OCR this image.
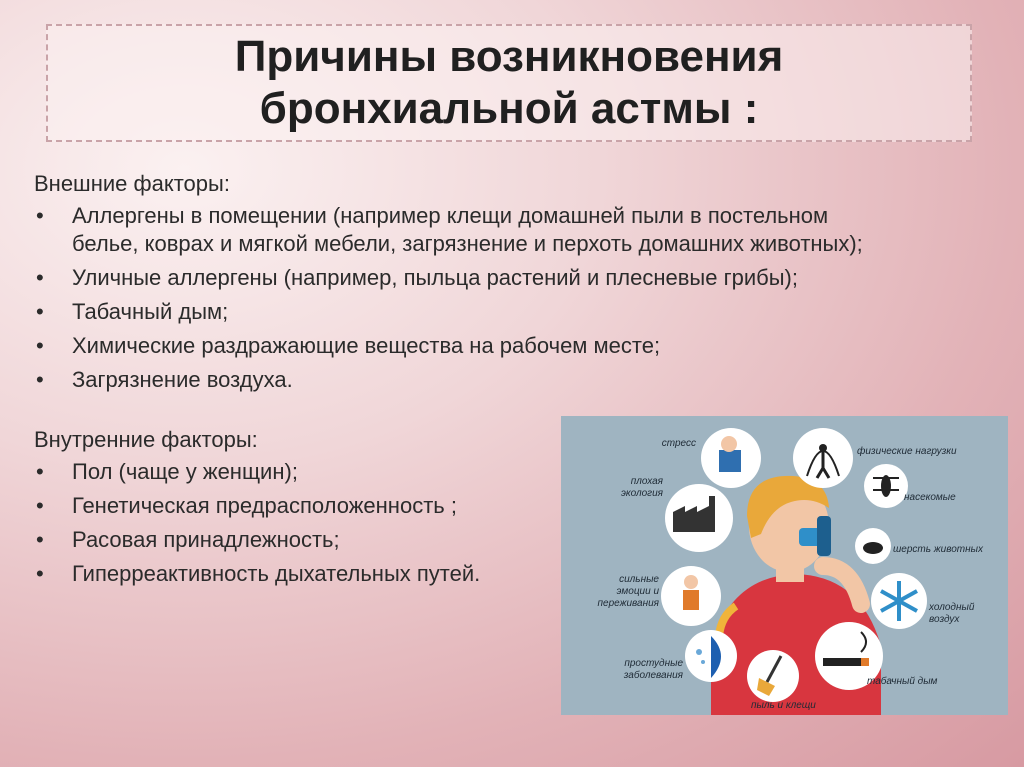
Причины возникновения
бронхиальной астмы :

Внешние факторы:

• Аллергены в помещении (например клещи домашней пыли в постельном белье, коврах и мягкой мебели, загрязнение и перхоть домашних животных);
• Уличные аллергены (например, пыльца растений и плесневые грибы);
• Табачный дым;
• Химические раздражающие вещества на рабочем месте;
• Загрязнение воздуха.

Внутренние факторы:

• Пол (чаще у женщин);
• Генетическая предрасположенность ;
• Расовая принадлежность;
• Гиперреактивность дыхательных путей.
стресс
физические нагрузки
плохая
экология	насекомые
шерсть животных
сильные
эмоции и
переживания	холодный
воздух
простудные
заболевания
табачный дым
пыль и клещи
